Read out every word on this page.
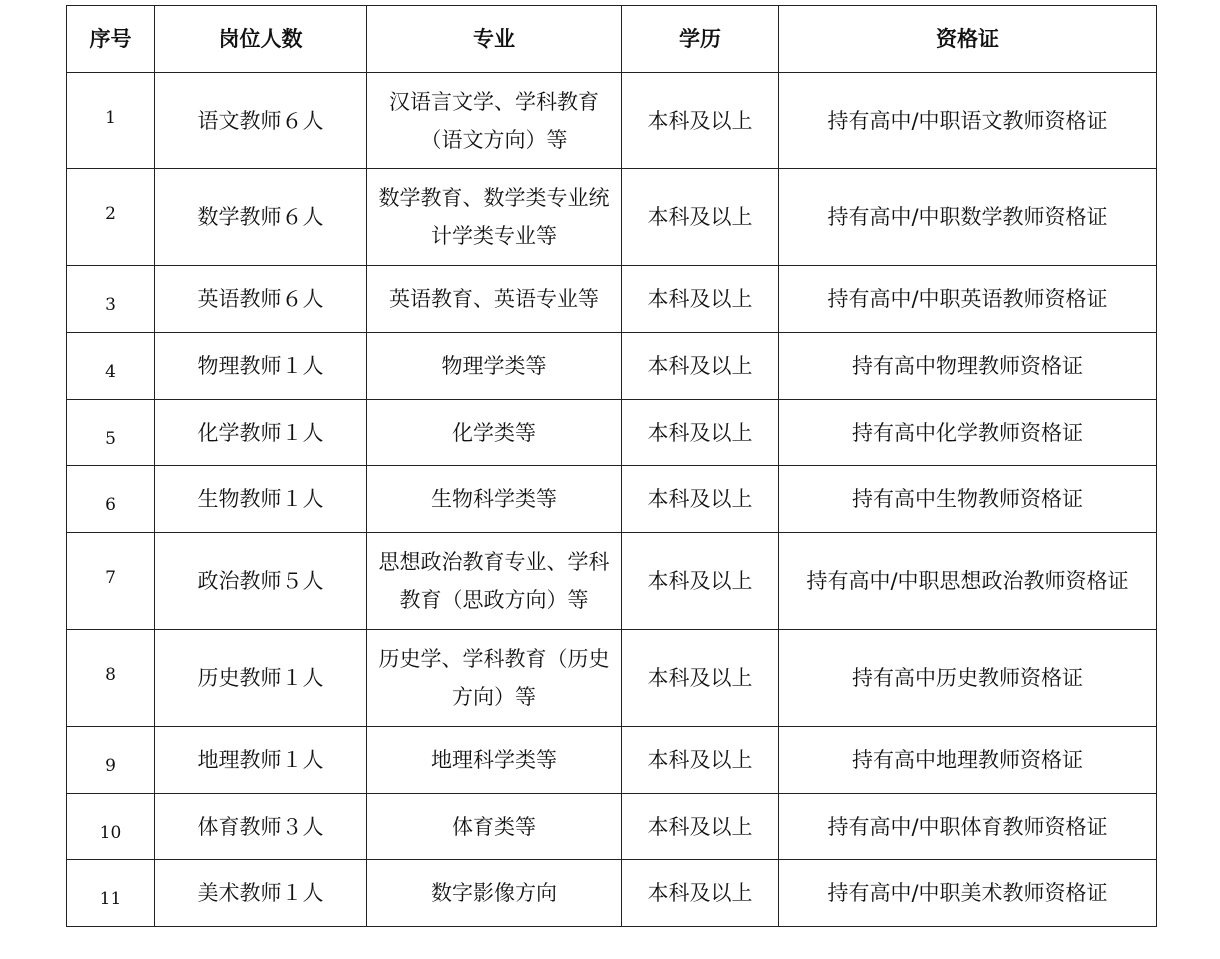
序号	岗位人数	专业	学历	资格证
1	语文教师６人	汉语言文学、学科教育（语文方向）等	本科及以上	持有高中/中职语文教师资格证
2	数学教师６人	数学教育、数学类专业统计学类专业等	本科及以上	持有高中/中职数学教师资格证
3	英语教师６人	英语教育、英语专业等	本科及以上	持有高中/中职英语教师资格证
4	物理教师１人	物理学类等	本科及以上	持有高中物理教师资格证
5	化学教师１人	化学类等	本科及以上	持有高中化学教师资格证
6	生物教师１人	生物科学类等	本科及以上	持有高中生物教师资格证
7	政治教师５人	思想政治教育专业、学科教育（思政方向）等	本科及以上	持有高中/中职思想政治教师资格证
8	历史教师１人	历史学、学科教育（历史方向）等	本科及以上	持有高中历史教师资格证
9	地理教师１人	地理科学类等	本科及以上	持有高中地理教师资格证
10	体育教师３人	体育类等	本科及以上	持有高中/中职体育教师资格证
11	美术教师１人	数字影像方向	本科及以上	持有高中/中职美术教师资格证
